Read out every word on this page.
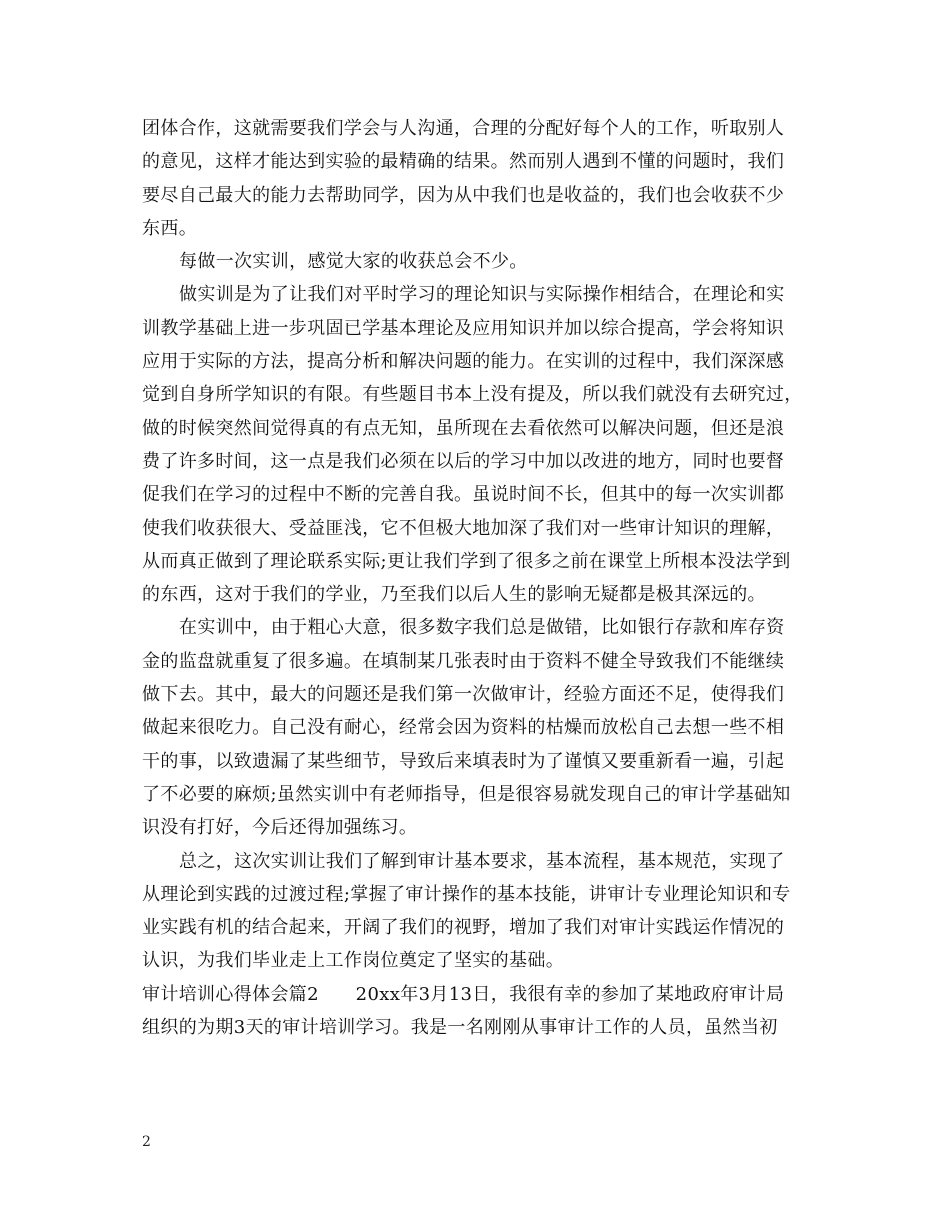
团体合作，这就需要我们学会与人沟通，合理的分配好每个人的工作，听取别人
的意见，这样才能达到实验的最精确的结果。然而别人遇到不懂的问题时，我们
要尽自己最大的能力去帮助同学，因为从中我们也是收益的，我们也会收获不少
东西。
每做一次实训，感觉大家的收获总会不少。
做实训是为了让我们对平时学习的理论知识与实际操作相结合，在理论和实
训教学基础上进一步巩固已学基本理论及应用知识并加以综合提高，学会将知识
应用于实际的方法，提高分析和解决问题的能力。在实训的过程中，我们深深感
觉到自身所学知识的有限。有些题目书本上没有提及，所以我们就没有去研究过，
做的时候突然间觉得真的有点无知，虽所现在去看依然可以解决问题，但还是浪
费了许多时间，这一点是我们必须在以后的学习中加以改进的地方，同时也要督
促我们在学习的过程中不断的完善自我。虽说时间不长，但其中的每一次实训都
使我们收获很大、受益匪浅，它不但极大地加深了我们对一些审计知识的理解，
从而真正做到了理论联系实际;更让我们学到了很多之前在课堂上所根本没法学到
的东西，这对于我们的学业，乃至我们以后人生的影响无疑都是极其深远的。
在实训中，由于粗心大意，很多数字我们总是做错，比如银行存款和库存资
金的监盘就重复了很多遍。在填制某几张表时由于资料不健全导致我们不能继续
做下去。其中，最大的问题还是我们第一次做审计，经验方面还不足，使得我们
做起来很吃力。自己没有耐心，经常会因为资料的枯燥而放松自己去想一些不相
干的事，以致遗漏了某些细节，导致后来填表时为了谨慎又要重新看一遍，引起
了不必要的麻烦;虽然实训中有老师指导，但是很容易就发现自己的审计学基础知
识没有打好，今后还得加强练习。
总之，这次实训让我们了解到审计基本要求，基本流程，基本规范，实现了
从理论到实践的过渡过程;掌握了审计操作的基本技能，讲审计专业理论知识和专
业实践有机的结合起来，开阔了我们的视野，增加了我们对审计实践运作情况的
认识，为我们毕业走上工作岗位奠定了坚实的基础。
审计培训心得体会篇2　　20xx年3月13日，我很有幸的参加了某地政府审计局
组织的为期3天的审计培训学习。我是一名刚刚从事审计工作的人员，虽然当初
2
